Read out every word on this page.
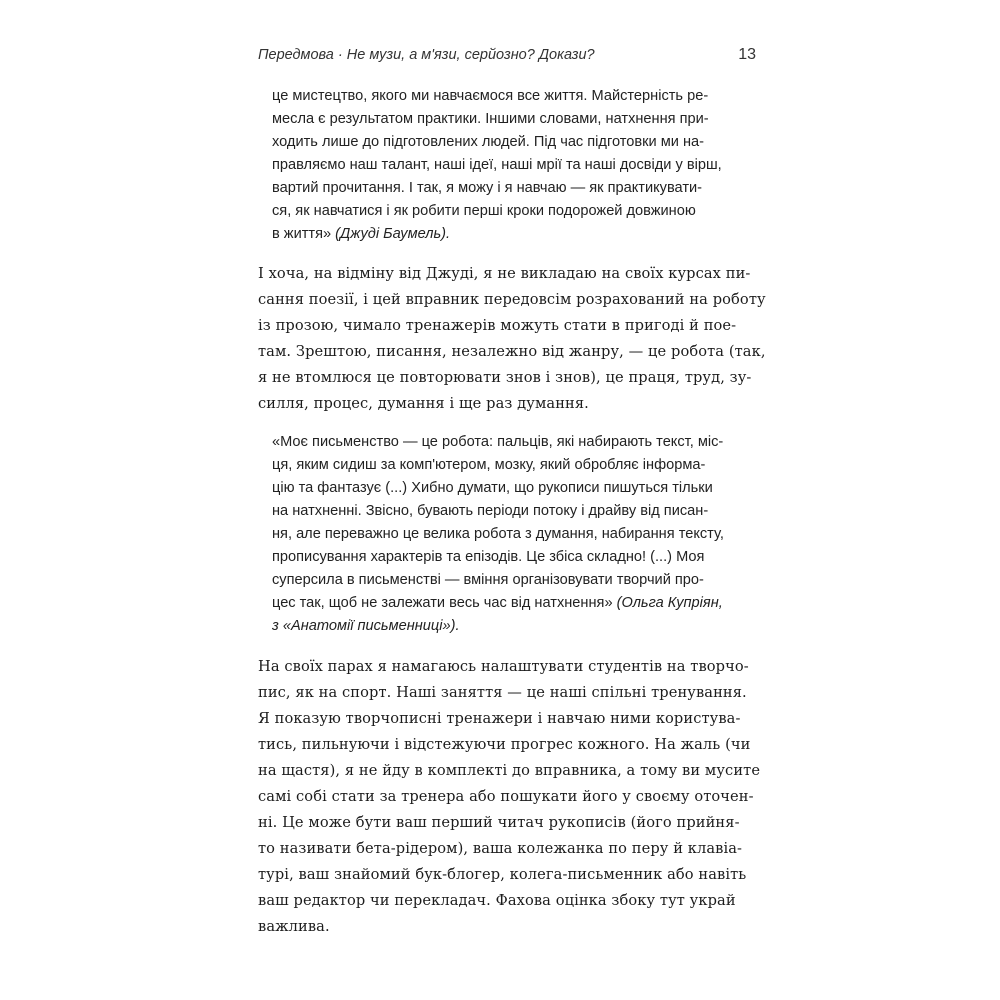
Передмова · Не музи, а м'язи, серйозно? Докази?	13
це мистецтво, якого ми навчаємося все життя. Майстерність ре-
месла є результатом практики. Іншими словами, натхнення при-
ходить лише до підготовлених людей. Під час підготовки ми на-
правляємо наш талант, наші ідеї, наші мрії та наші досвіди у вірш,
вартий прочитання. І так, я можу і я навчаю — як практикувати-
ся, як навчатися і як робити перші кроки подорожей довжиною
в життя» (Джуді Баумель).
І хоча, на відміну від Джуді, я не викладаю на своїх курсах пи-
сання поезії, і цей вправник передовсім розрахований на роботу
із прозою, чимало тренажерів можуть стати в пригоді й пое-
там. Зрештою, писання, незалежно від жанру, — це робота (так,
я не втомлюся це повторювати знов і знов), це праця, труд, зу-
силля, процес, думання і ще раз думання.
«Моє письменство — це робота: пальців, які набирають текст, міс-
ця, яким сидиш за комп'ютером, мозку, який обробляє інформа-
цію та фантазує (...) Хибно думати, що рукописи пишуться тільки
на натхненні. Звісно, бувають періоди потоку і драйву від писан-
ня, але переважно це велика робота з думання, набирання тексту,
прописування характерів та епізодів. Це збіса складно! (...) Моя
суперсила в письменстві — вміння організовувати творчий про-
цес так, щоб не залежати весь час від натхнення» (Ольга Купріян,
з «Анатомії письменниці»).
На своїх парах я намагаюсь налаштувати студентів на творчо-
пис, як на спорт. Наші заняття — це наші спільні тренування.
Я показую творчописні тренажери і навчаю ними користува-
тись, пильнуючи і відстежуючи прогрес кожного. На жаль (чи
на щастя), я не йду в комплекті до вправника, а тому ви мусите
самі собі стати за тренера або пошукати його у своєму оточен-
ні. Це може бути ваш перший читач рукописів (його прийня-
то називати бета-рідером), ваша колежанка по перу й клавіа-
турі, ваш знайомий бук-блогер, колега-письменник або навіть
ваш редактор чи перекладач. Фахова оцінка збоку тут украй
важлива.
